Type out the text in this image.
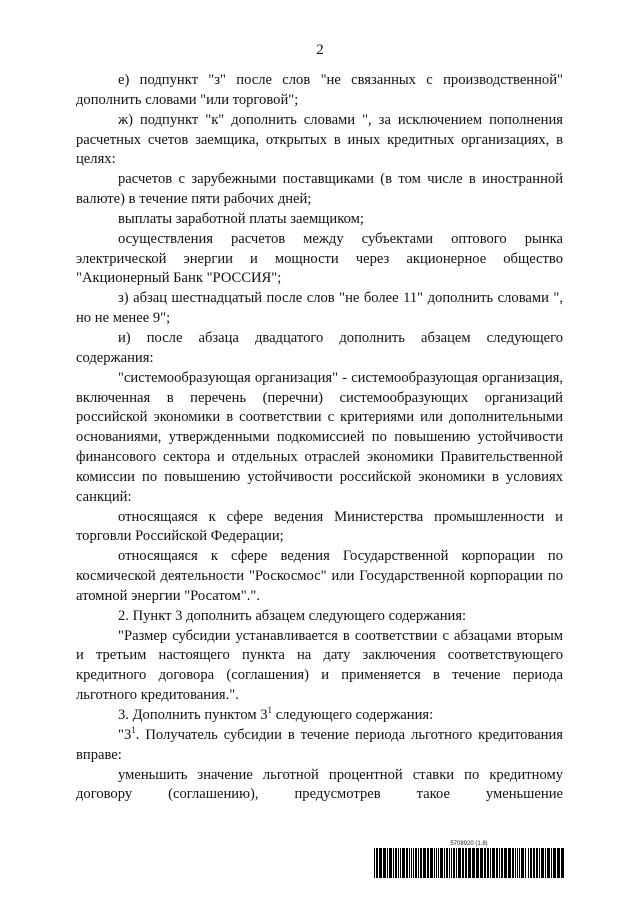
2

е) подпункт "з" после слов "не связанных с производственной" дополнить словами "или торговой";

ж) подпункт "к" дополнить словами ", за исключением пополнения расчетных счетов заемщика, открытых в иных кредитных организациях, в целях:

расчетов с зарубежными поставщиками (в том числе в иностранной валюте) в течение пяти рабочих дней;

выплаты заработной платы заемщиком;

осуществления расчетов между субъектами оптового рынка электрической энергии и мощности через акционерное общество "Акционерный Банк "РОССИЯ";

з) абзац шестнадцатый после слов "не более 11" дополнить словами ", но не менее 9";

и) после абзаца двадцатого дополнить абзацем следующего содержания:

"системообразующая организация" - системообразующая организация, включенная в перечень (перечни) системообразующих организаций российской экономики в соответствии с критериями или дополнительными основаниями, утвержденными подкомиссией по повышению устойчивости финансового сектора и отдельных отраслей экономики Правительственной комиссии по повышению устойчивости российской экономики в условиях санкций:

относящаяся к сфере ведения Министерства промышленности и торговли Российской Федерации;

относящаяся к сфере ведения Государственной корпорации по космической деятельности "Роскосмос" или Государственной корпорации по атомной энергии "Росатом".".

2. Пункт 3 дополнить абзацем следующего содержания:

"Размер субсидии устанавливается в соответствии с абзацами вторым и третьим настоящего пункта на дату заключения соответствующего кредитного договора (соглашения) и применяется в течение периода льготного кредитования.".

3. Дополнить пунктом $3^1$ следующего содержания:

"$3^1$. Получатель субсидии в течение периода льготного кредитования вправе:

уменьшить значение льготной процентной ставки по кредитному договору (соглашению), предусмотрев такое уменьшение

5708920 (1.8)
